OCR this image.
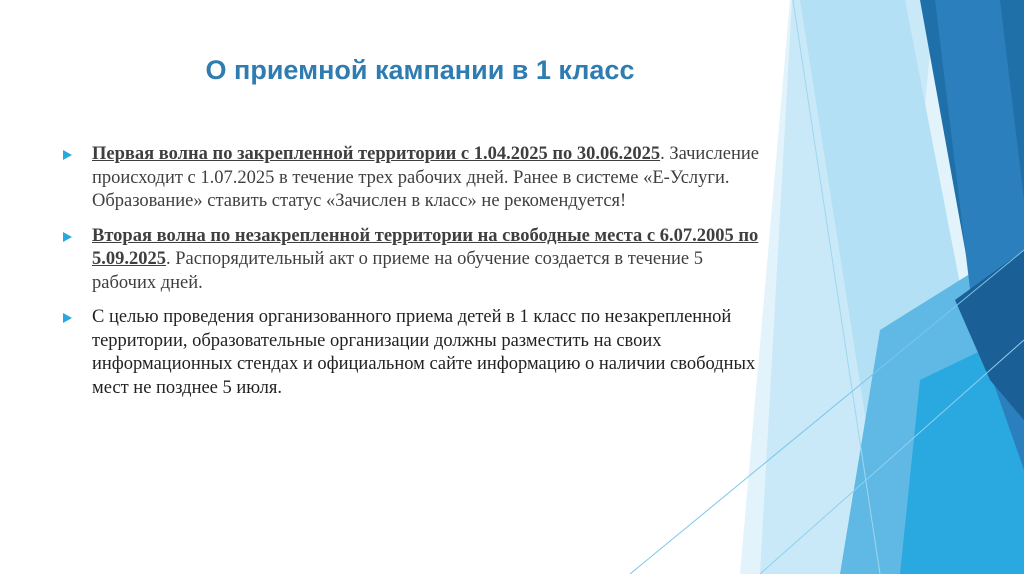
О приемной кампании в 1 класс
Первая волна по закрепленной территории с 1.04.2025 по 30.06.2025. Зачисление происходит с 1.07.2025 в течение трех рабочих дней. Ранее в системе «Е-Услуги. Образование» ставить статус «Зачислен в класс» не рекомендуется!
Вторая волна по незакрепленной территории на свободные места с 6.07.2005 по 5.09.2025. Распорядительный акт о приеме на обучение создается в течение 5 рабочих дней.
С целью проведения организованного приема детей в 1 класс по незакрепленной территории, образовательные организации должны разместить на своих информационных стендах и официальном сайте информацию о наличии свободных мест не позднее 5 июля.
